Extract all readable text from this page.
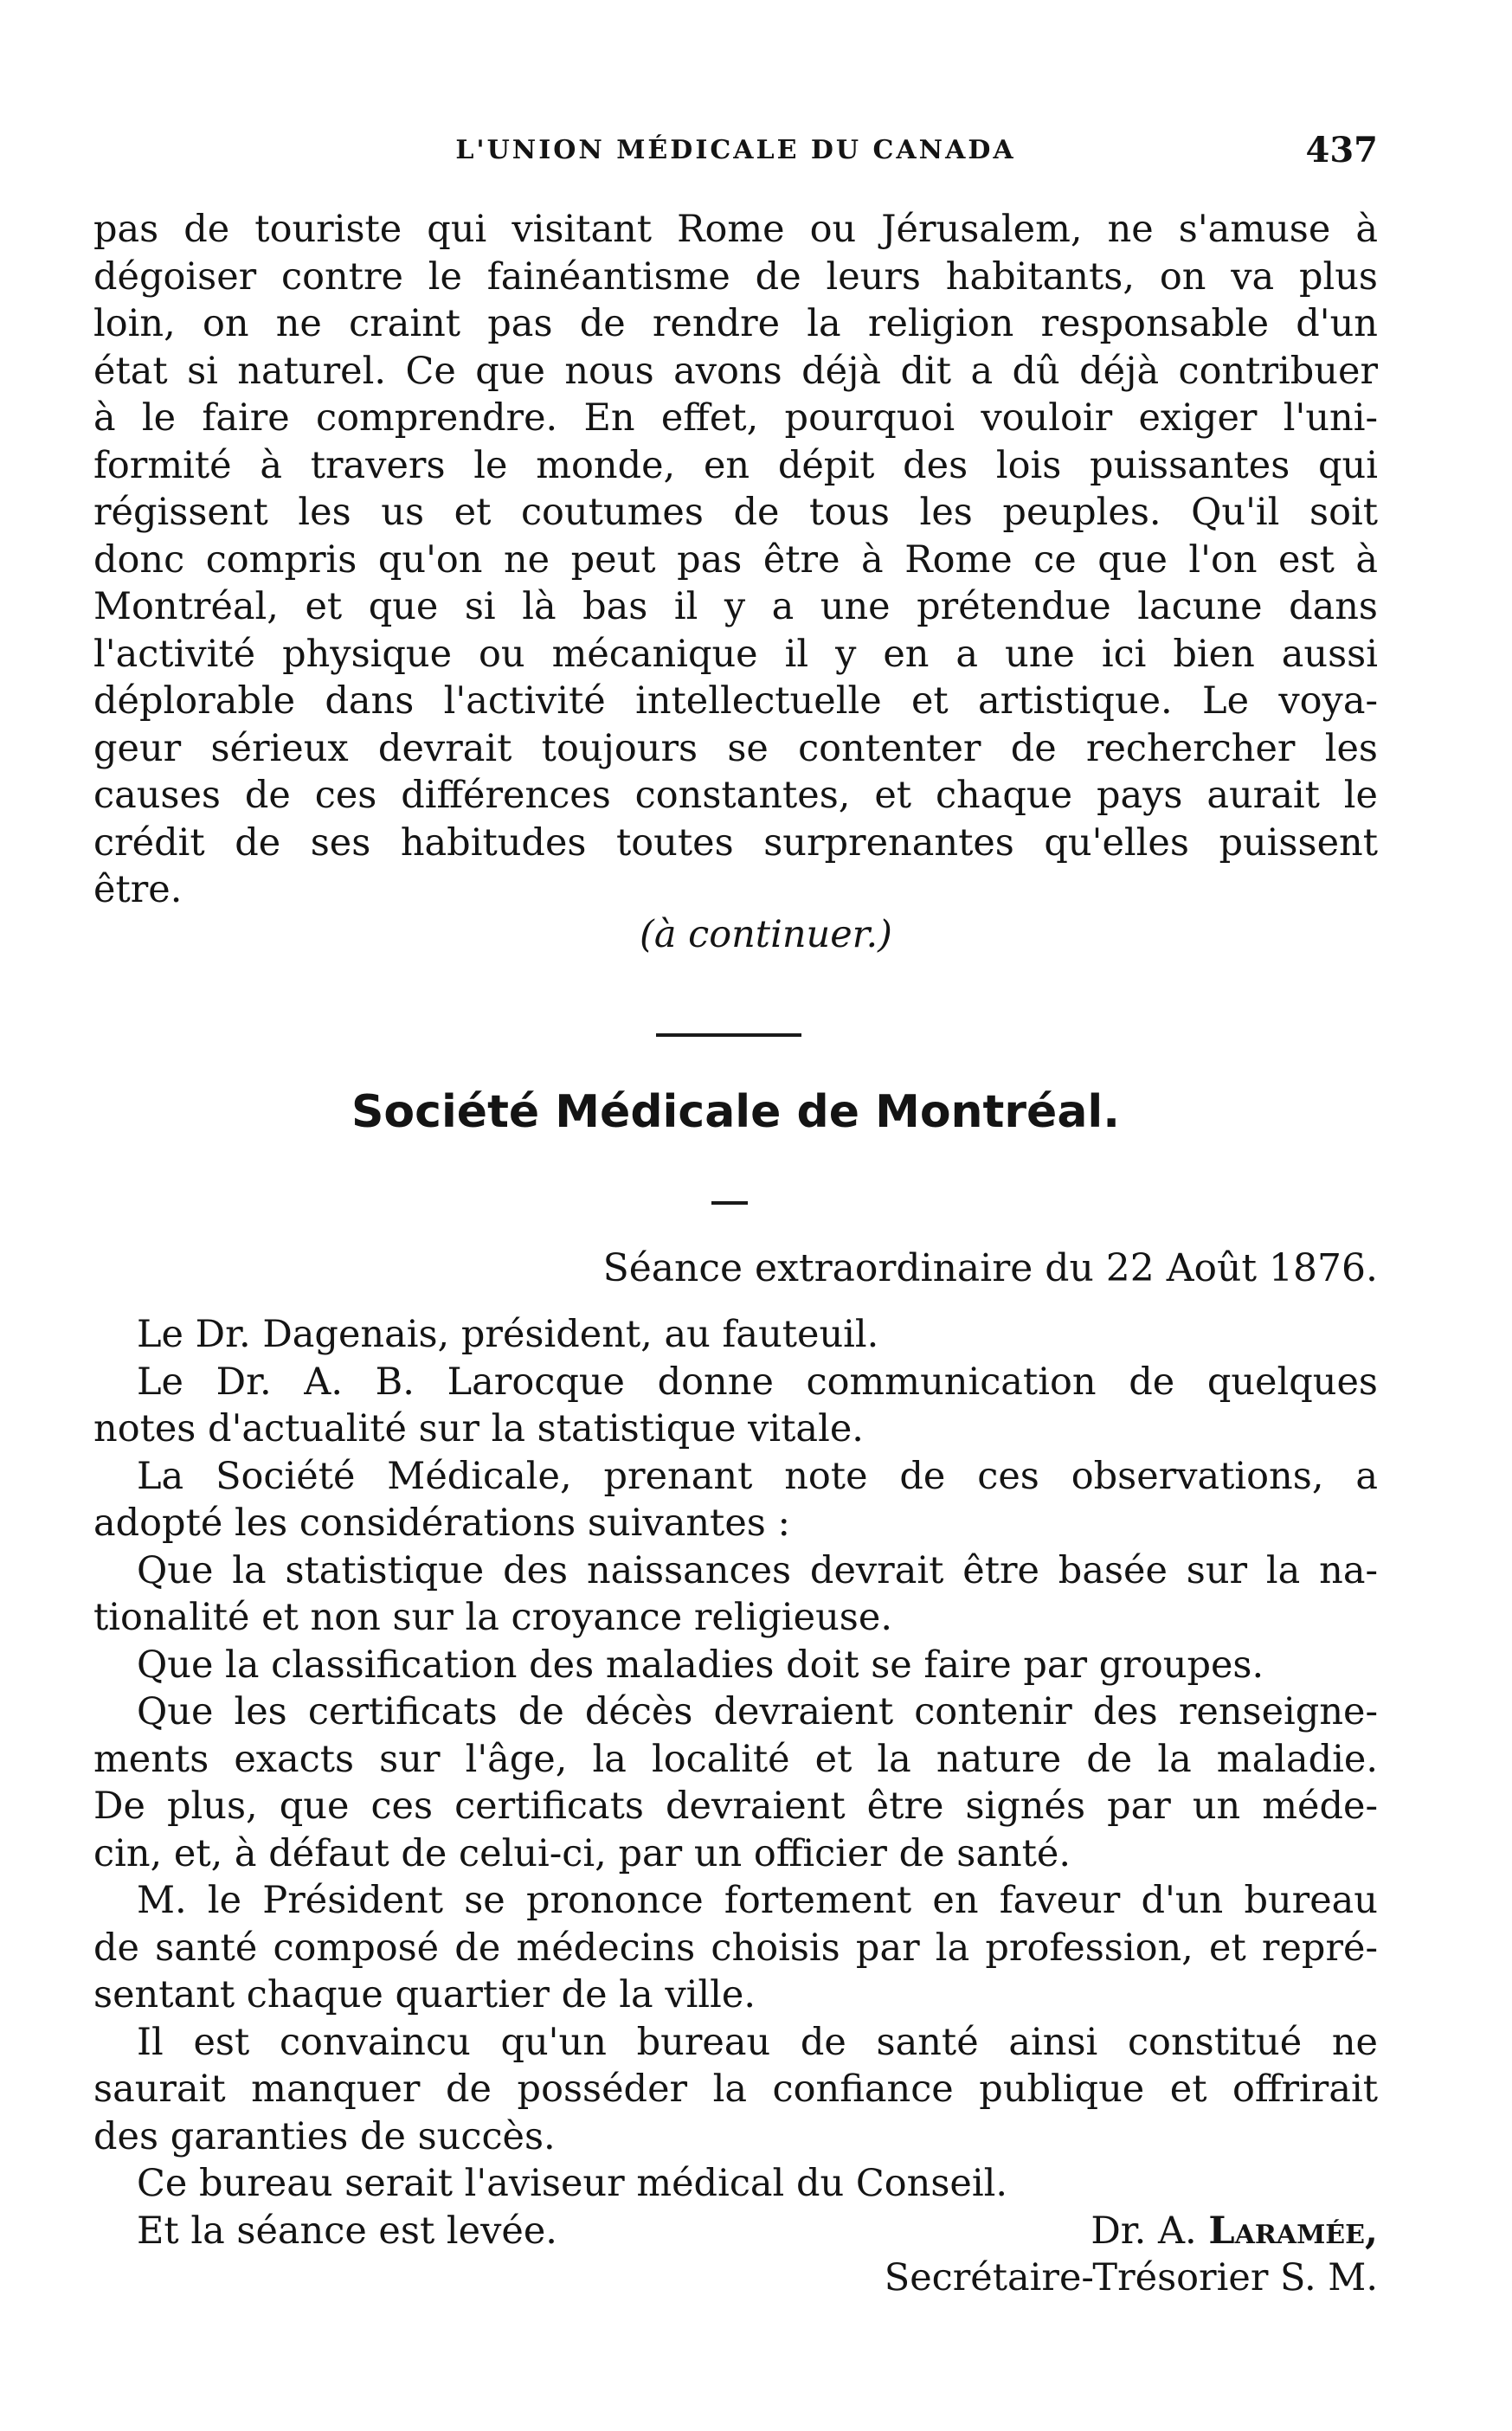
L'UNION MÉDICALE DU CANADA	437
pas de touriste qui visitant Rome ou Jérusalem, ne s'amuse à
dégoiser contre le fainéantisme de leurs habitants, on va plus
loin, on ne craint pas de rendre la religion responsable d'un
état si naturel. Ce que nous avons déjà dit a dû déjà contribuer
à le faire comprendre. En effet, pourquoi vouloir exiger l'uni-
formité à travers le monde, en dépit des lois puissantes qui
régissent les us et coutumes de tous les peuples. Qu'il soit
donc compris qu'on ne peut pas être à Rome ce que l'on est à
Montréal, et que si là bas il y a une prétendue lacune dans
l'activité physique ou mécanique il y en a une ici bien aussi
déplorable dans l'activité intellectuelle et artistique. Le voya-
geur sérieux devrait toujours se contenter de rechercher les
causes de ces différences constantes, et chaque pays aurait le
crédit de ses habitudes toutes surprenantes qu'elles puissent
être.
(à continuer.)
Société Médicale de Montréal.
Séance extraordinaire du 22 Août 1876.
Le Dr. Dagenais, président, au fauteuil.
Le Dr. A. B. Larocque donne communication de quelques
notes d'actualité sur la statistique vitale.
La Société Médicale, prenant note de ces observations, a
adopté les considérations suivantes :
Que la statistique des naissances devrait être basée sur la na-
tionalité et non sur la croyance religieuse.
Que la classification des maladies doit se faire par groupes.
Que les certificats de décès devraient contenir des renseigne-
ments exacts sur l'âge, la localité et la nature de la maladie.
De plus, que ces certificats devraient être signés par un méde-
cin, et, à défaut de celui-ci, par un officier de santé.
M. le Président se prononce fortement en faveur d'un bureau
de santé composé de médecins choisis par la profession, et repré-
sentant chaque quartier de la ville.
Il est convaincu qu'un bureau de santé ainsi constitué ne
saurait manquer de posséder la confiance publique et offrirait
des garanties de succès.
Ce bureau serait l'aviseur médical du Conseil.
Et la séance est levée.	Dr. A. Laramée,
Secrétaire-Trésorier S. M.
